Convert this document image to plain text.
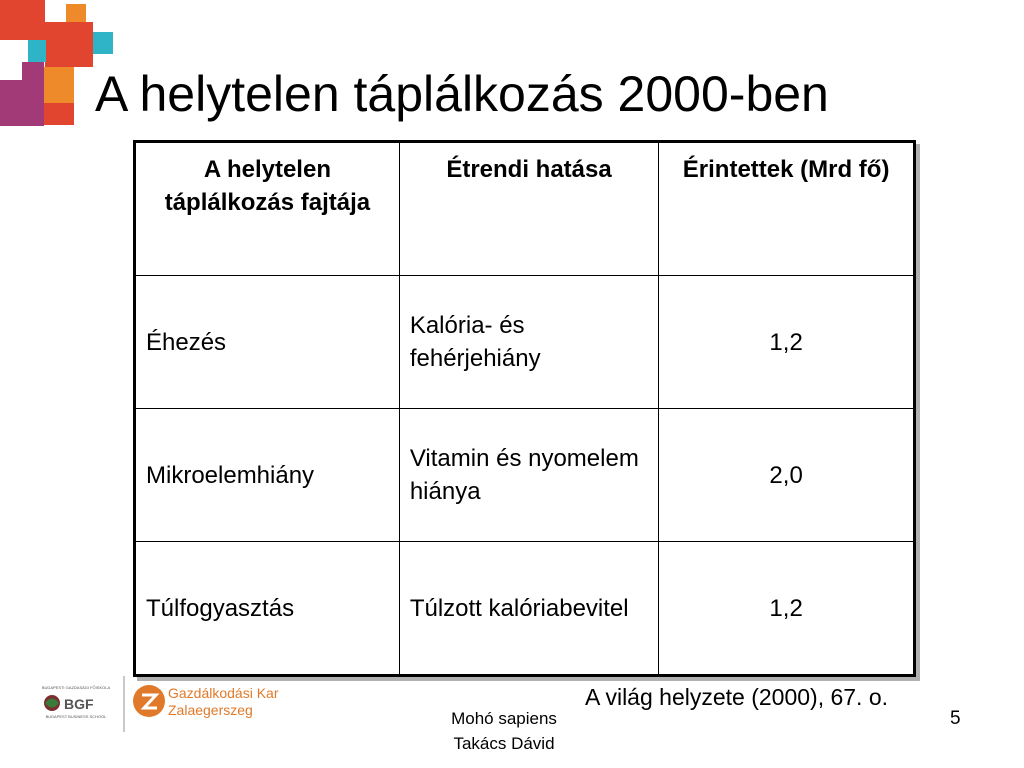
A helytelen táplálkozás 2000-ben
A helytelen táplálkozás fajtája	Étrendi hatása	Érintettek (Mrd fő)
Éhezés	Kalória- és fehérjehiány	1,2
Mikroelemhiány	Vitamin és nyomelem hiánya	2,0
Túlfogyasztás	Túlzott kalóriabevitel	1,2
A világ helyzete (2000), 67. o.
BUDAPESTI GAZDASÁGI FŐISKOLA
BGF
BUDAPEST BUSINESS SCHOOL
Gazdálkodási Kar
Zalaegerszeg	Mohó sapiens
Takács Dávid
5
